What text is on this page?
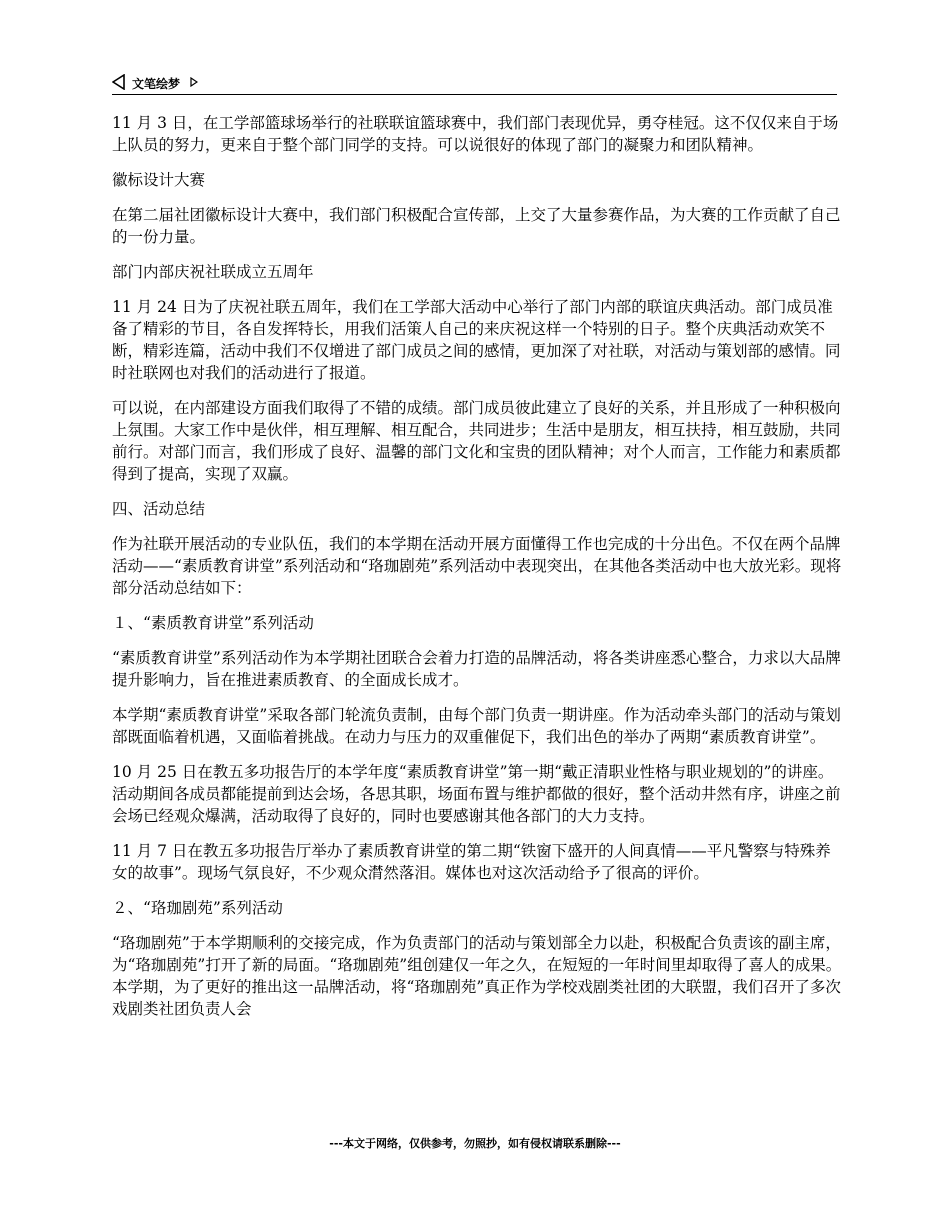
文笔绘梦

11 月 3 日，在工学部篮球场举行的社联联谊篮球赛中，我们部门表现优异，勇夺桂冠。这不仅仅来自于场上队员的努力，更来自于整个部门同学的支持。可以说很好的体现了部门的凝聚力和团队精神。

徽标设计大赛

在第二届社团徽标设计大赛中，我们部门积极配合宣传部，上交了大量参赛作品，为大赛的工作贡献了自己的一份力量。

部门内部庆祝社联成立五周年

11 月 24 日为了庆祝社联五周年，我们在工学部大活动中心举行了部门内部的联谊庆典活动。部门成员准备了精彩的节目，各自发挥特长，用我们活策人自己的来庆祝这样一个特别的日子。整个庆典活动欢笑不断，精彩连篇，活动中我们不仅增进了部门成员之间的感情，更加深了对社联，对活动与策划部的感情。同时社联网也对我们的活动进行了报道。

可以说，在内部建设方面我们取得了不错的成绩。部门成员彼此建立了良好的关系，并且形成了一种积极向上氛围。大家工作中是伙伴，相互理解、相互配合，共同进步；生活中是朋友，相互扶持，相互鼓励，共同前行。对部门而言，我们形成了良好、温馨的部门文化和宝贵的团队精神；对个人而言，工作能力和素质都得到了提高，实现了双赢。

四、活动总结

作为社联开展活动的专业队伍，我们的本学期在活动开展方面懂得工作也完成的十分出色。不仅在两个品牌活动——“素质教育讲堂”系列活动和“珞珈剧苑”系列活动中表现突出，在其他各类活动中也大放光彩。现将部分活动总结如下：

１、“素质教育讲堂”系列活动

“素质教育讲堂”系列活动作为本学期社团联合会着力打造的品牌活动，将各类讲座悉心整合，力求以大品牌提升影响力，旨在推进素质教育、的全面成长成才。

本学期“素质教育讲堂”采取各部门轮流负责制，由每个部门负责一期讲座。作为活动牵头部门的活动与策划部既面临着机遇，又面临着挑战。在动力与压力的双重催促下，我们出色的举办了两期“素质教育讲堂”。

10 月 25 日在教五多功报告厅的本学年度“素质教育讲堂”第一期“戴正清职业性格与职业规划的”的讲座。活动期间各成员都能提前到达会场，各思其职，场面布置与维护都做的很好，整个活动井然有序，讲座之前会场已经观众爆满，活动取得了良好的，同时也要感谢其他各部门的大力支持。

11 月 7 日在教五多功报告厅举办了素质教育讲堂的第二期“铁窗下盛开的人间真情——平凡警察与特殊养女的故事”。现场气氛良好，不少观众潸然落泪。媒体也对这次活动给予了很高的评价。

２、“珞珈剧苑”系列活动

“珞珈剧苑”于本学期顺利的交接完成，作为负责部门的活动与策划部全力以赴，积极配合负责该的副主席，为“珞珈剧苑”打开了新的局面。“珞珈剧苑”组创建仅一年之久，在短短的一年时间里却取得了喜人的成果。本学期，为了更好的推出这一品牌活动，将“珞珈剧苑”真正作为学校戏剧类社团的大联盟，我们召开了多次戏剧类社团负责人会

---本文于网络，仅供参考，勿照抄，如有侵权请联系删除---
